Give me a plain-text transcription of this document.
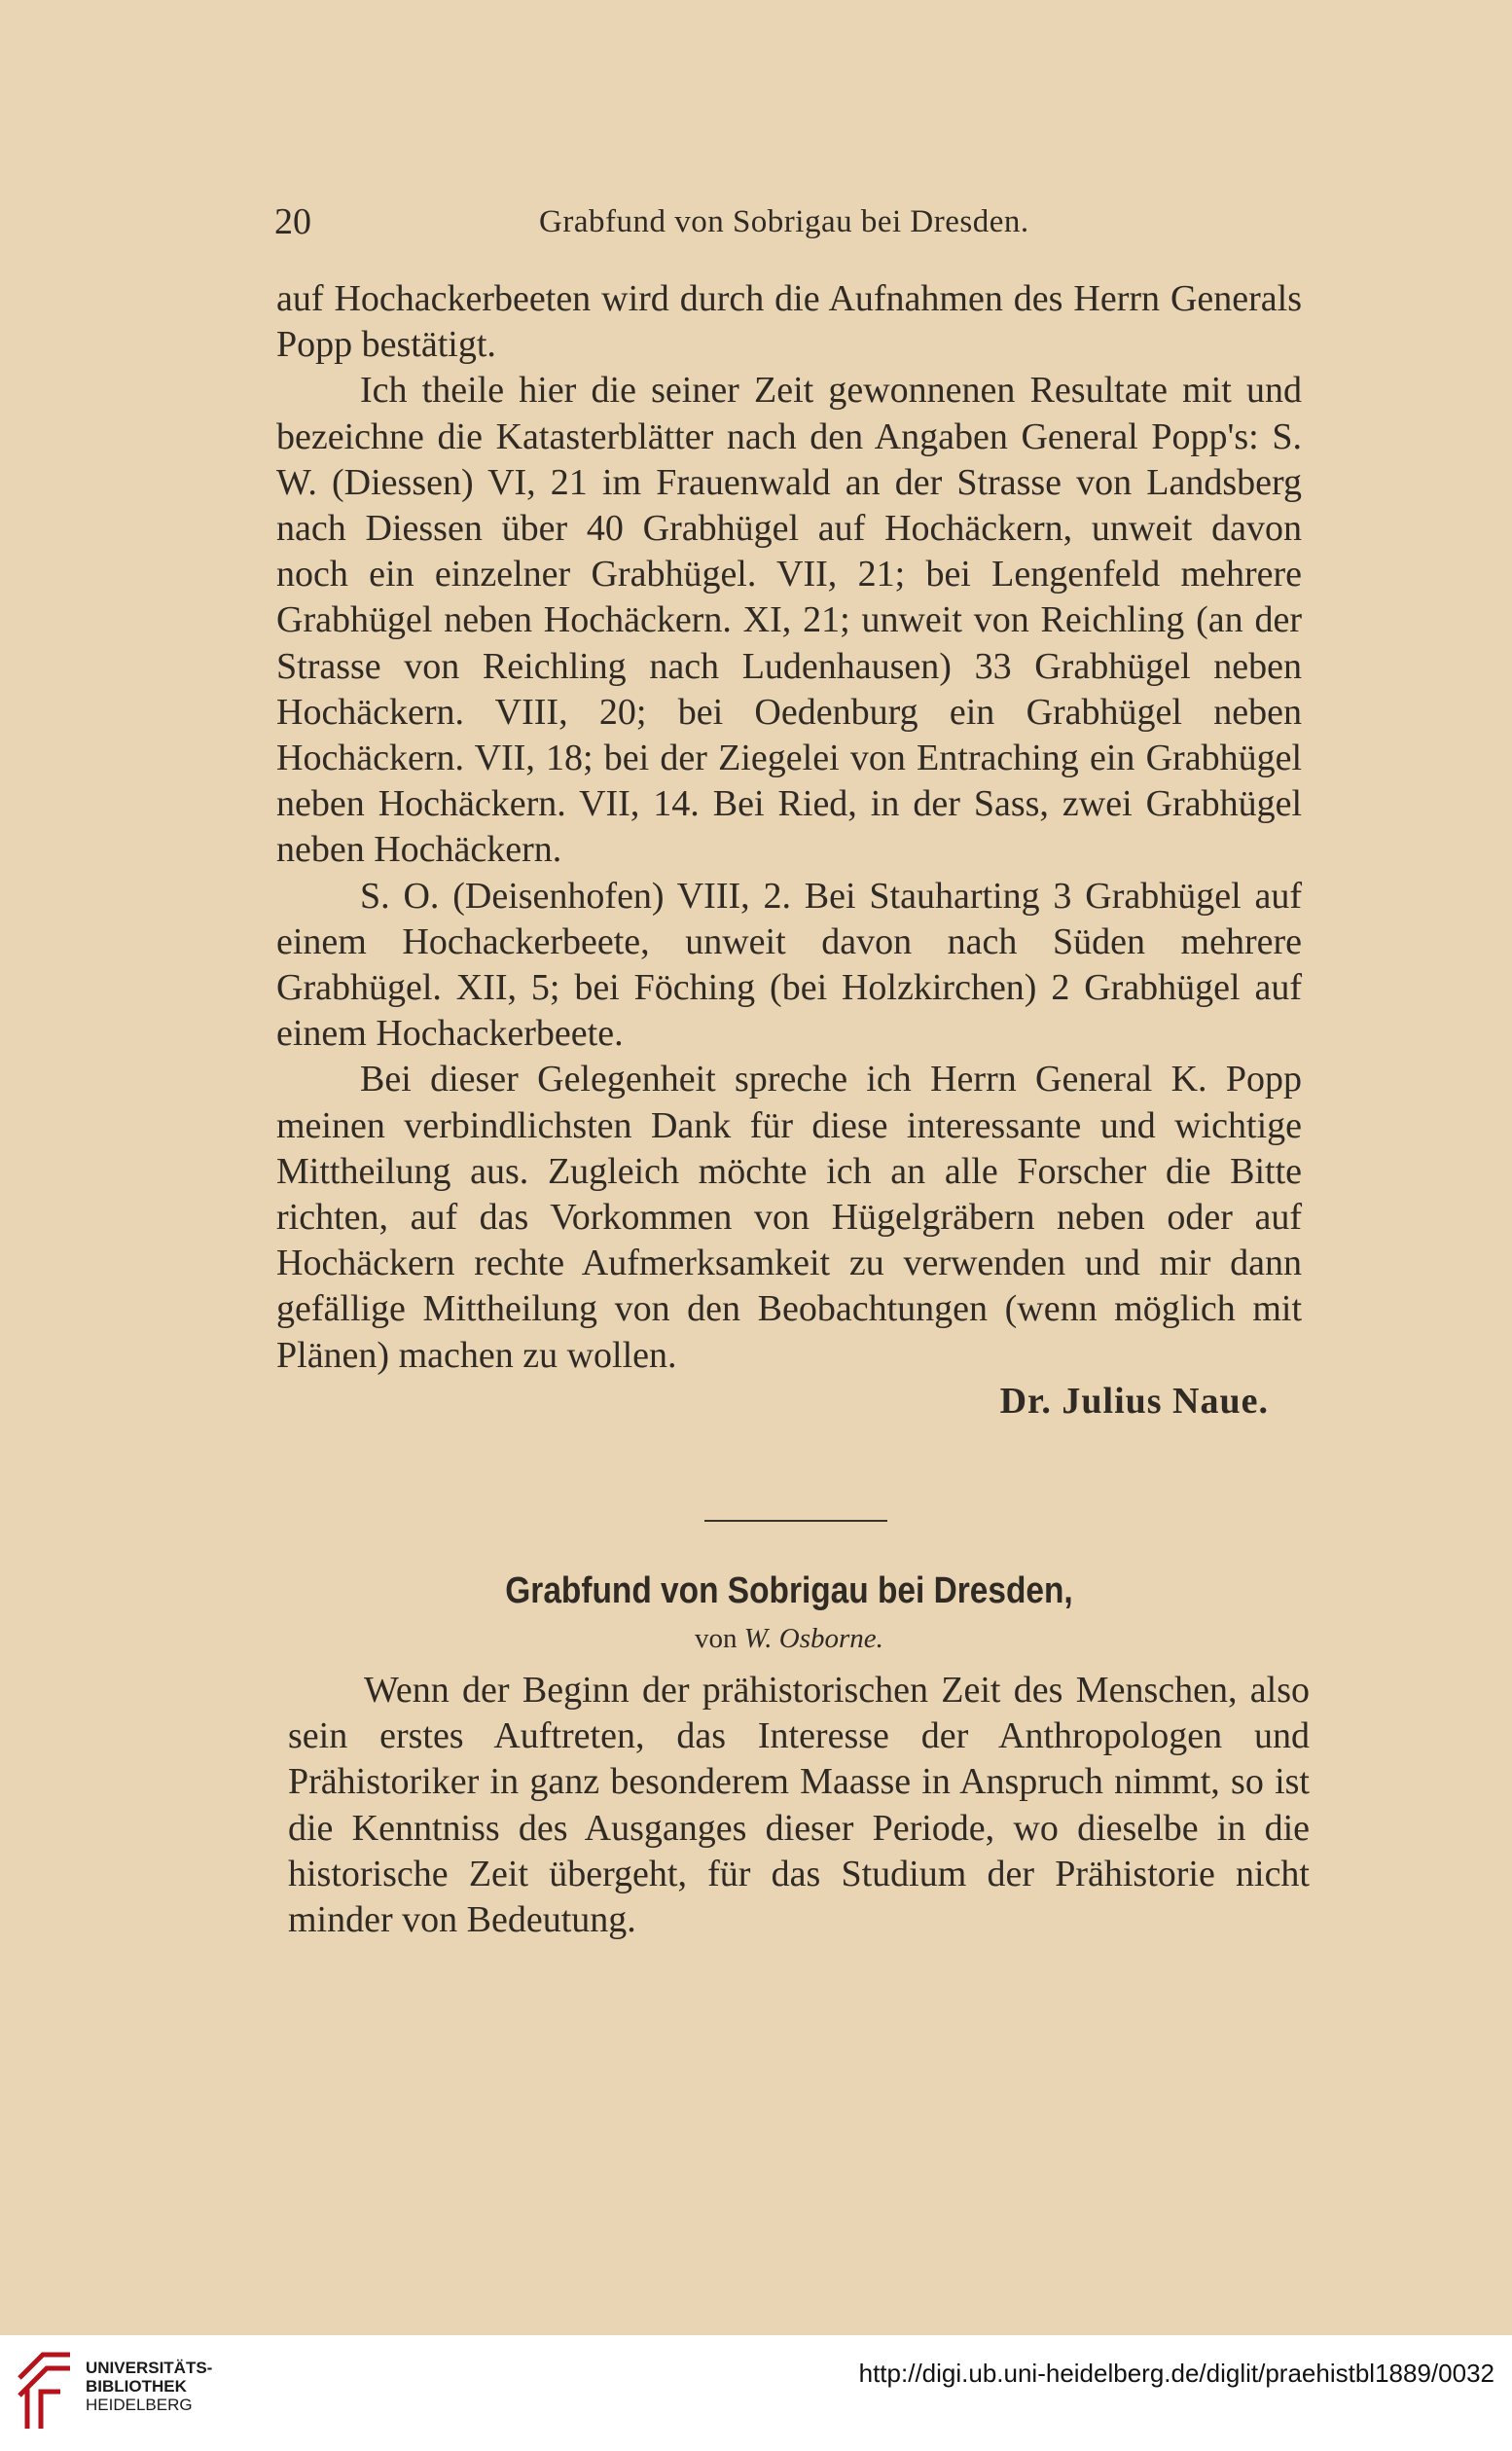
20	Grabfund von Sobrigau bei Dresden.

auf Hochackerbeeten wird durch die Aufnahmen des Herrn Generals Popp bestätigt.

Ich theile hier die seiner Zeit gewonnenen Resultate mit und bezeichne die Katasterblätter nach den Angaben General Popp's: S. W. (Diessen) VI, 21 im Frauenwald an der Strasse von Landsberg nach Diessen über 40 Grabhügel auf Hochäckern, unweit davon noch ein einzelner Grabhügel. VII, 21; bei Lengenfeld mehrere Grabhügel neben Hochäckern. XI, 21; unweit von Reichling (an der Strasse von Reichling nach Ludenhausen) 33 Grabhügel neben Hochäckern. VIII, 20; bei Oedenburg ein Grabhügel neben Hochäckern. VII, 18; bei der Ziegelei von Entraching ein Grabhügel neben Hochäckern. VII, 14. Bei Ried, in der Sass, zwei Grabhügel neben Hochäckern.

S. O. (Deisenhofen) VIII, 2. Bei Stauharting 3 Grabhügel auf einem Hochackerbeete, unweit davon nach Süden mehrere Grabhügel. XII, 5; bei Föching (bei Holzkirchen) 2 Grabhügel auf einem Hochackerbeete.

Bei dieser Gelegenheit spreche ich Herrn General K. Popp meinen verbindlichsten Dank für diese interessante und wichtige Mittheilung aus. Zugleich möchte ich an alle Forscher die Bitte richten, auf das Vorkommen von Hügelgräbern neben oder auf Hochäckern rechte Aufmerksamkeit zu verwenden und mir dann gefällige Mittheilung von den Beobachtungen (wenn möglich mit Plänen) machen zu wollen.

Dr. Julius Naue.

Grabfund von Sobrigau bei Dresden,
von W. Osborne.
Wenn der Beginn der prähistorischen Zeit des Menschen, also sein erstes Auftreten, das Interesse der Anthropologen und Prähistoriker in ganz besonderem Maasse in Anspruch nimmt, so ist die Kenntniss des Ausganges dieser Periode, wo dieselbe in die historische Zeit übergeht, für das Studium der Prähistorie nicht minder von Bedeutung.
UNIVERSITÄTS-
BIBLIOTHEK
HEIDELBERG
http://digi.ub.uni-heidelberg.de/diglit/praehistbl1889/0032
